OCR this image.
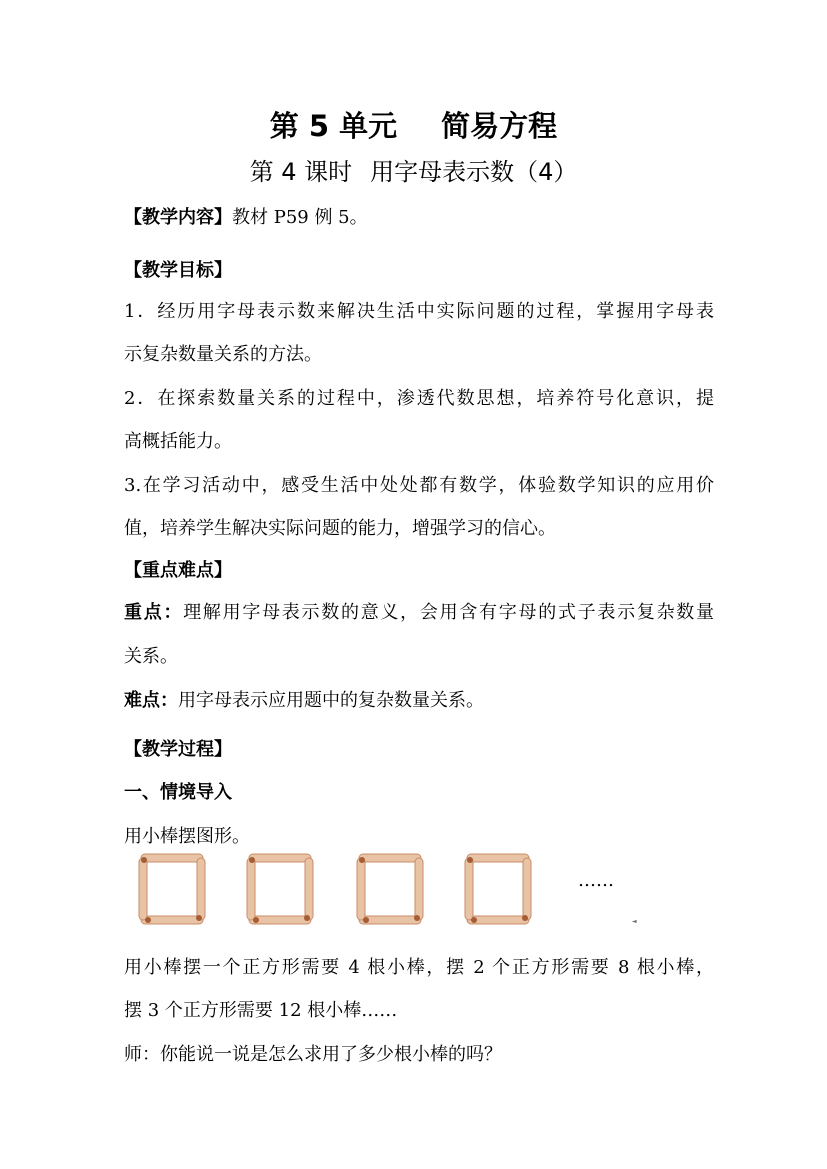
第 5 单元 简易方程
第 4 课时 用字母表示数（4）
【教学内容】教材 P59 例 5。
【教学目标】
1．经历用字母表示数来解决生活中实际问题的过程，掌握用字母表
示复杂数量关系的方法。
2．在探索数量关系的过程中，渗透代数思想，培养符号化意识，提
高概括能力。
3.在学习活动中，感受生活中处处都有数学，体验数学知识的应用价
值，培养学生解决实际问题的能力，增强学习的信心。
【重点难点】
重点：理解用字母表示数的意义，会用含有字母的式子表示复杂数量
关系。
难点：用字母表示应用题中的复杂数量关系。
【教学过程】
一、情境导入
用小棒摆图形。
……
◄
用小棒摆一个正方形需要 4 根小棒，摆 2 个正方形需要 8 根小棒，
摆 3 个正方形需要 12 根小棒……
师：你能说一说是怎么求用了多少根小棒的吗？
